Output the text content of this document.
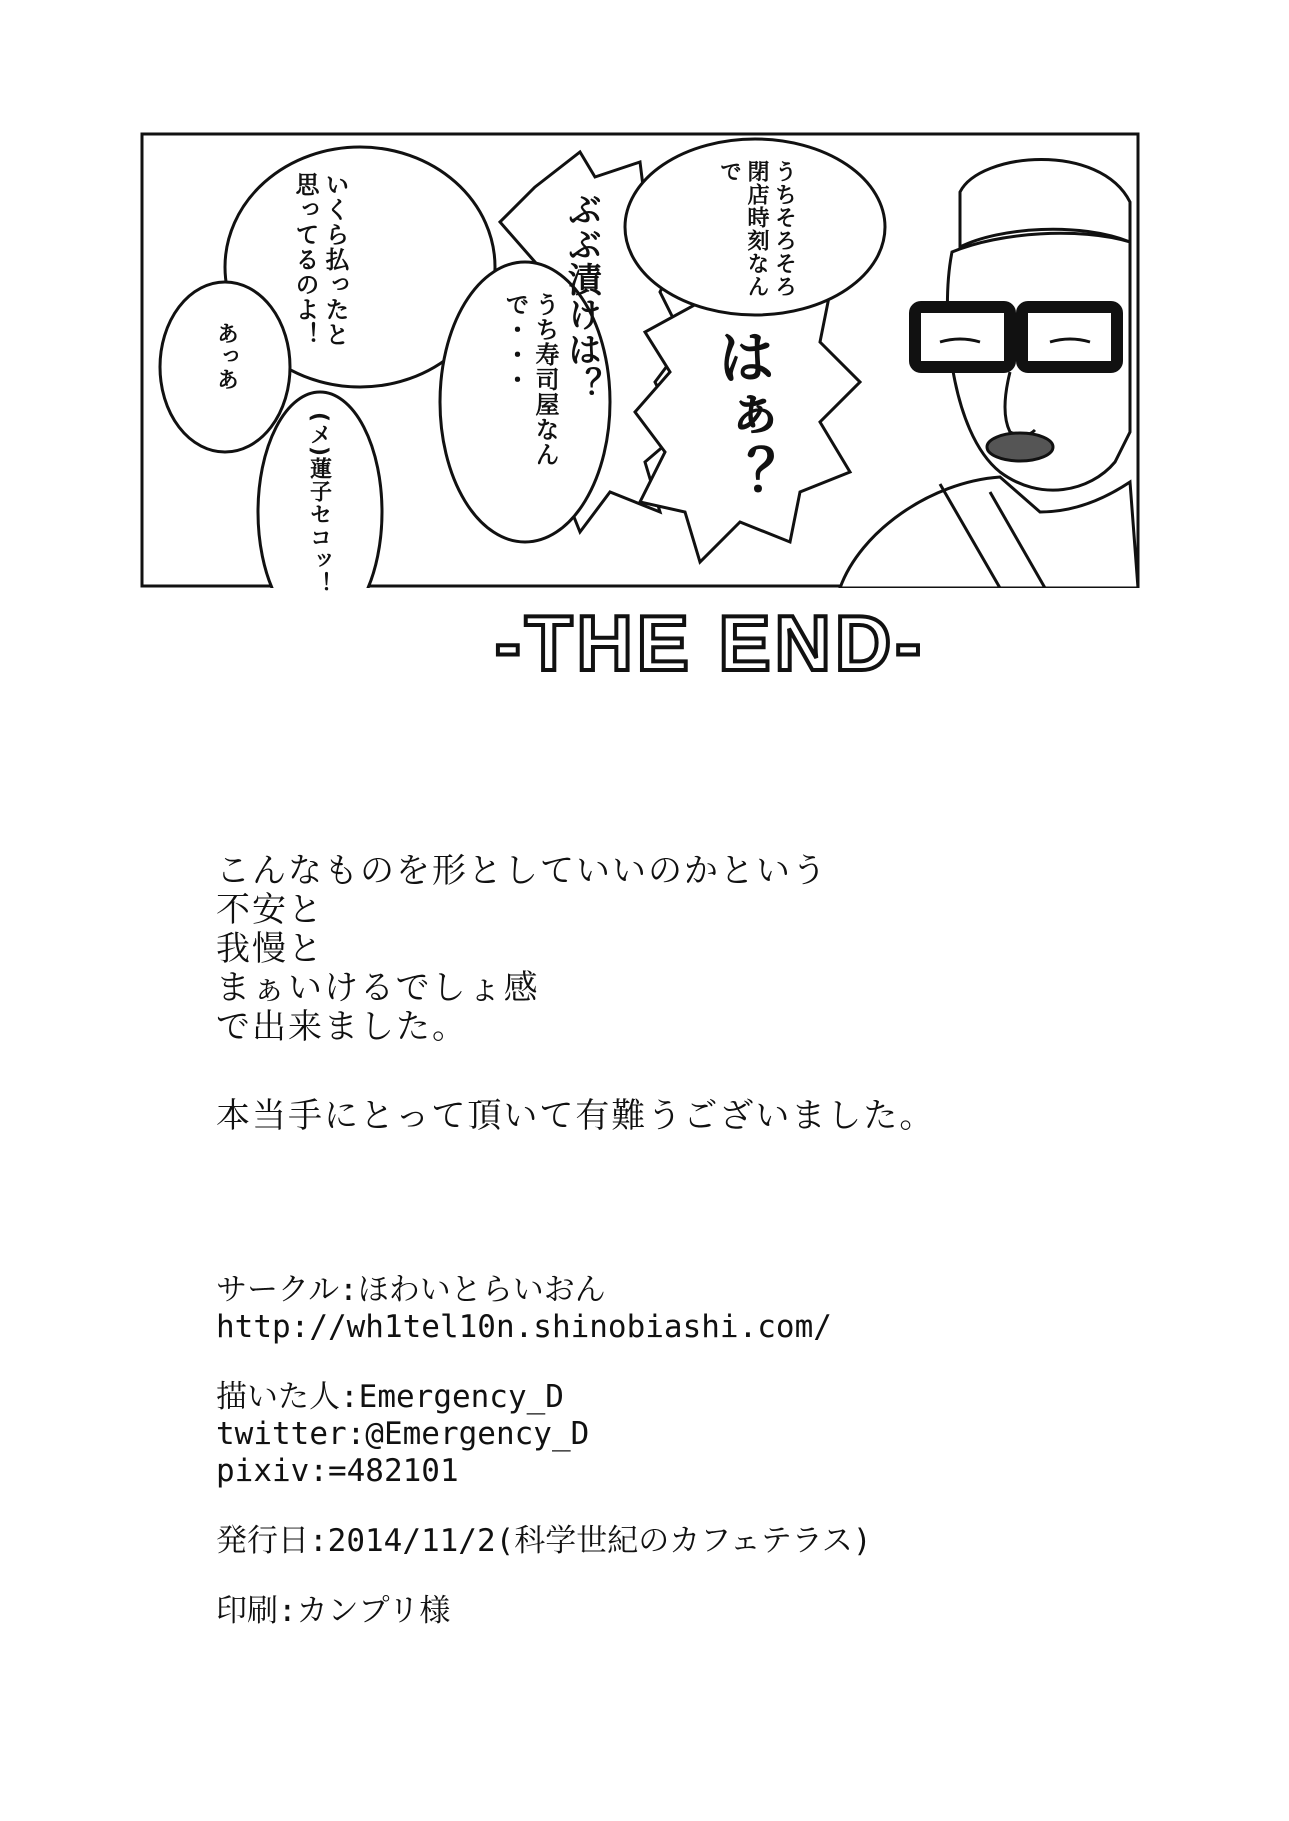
うちそろそろ閉店時刻なんで
ぶぶ漬けは？
はぁ？
いくら払ったと思ってるのよ！
うち寿司屋なんで・・・
あっあ
(メ)蓮子セコッ！
-THE END-
こんなものを形としていいのかという
不安と
我慢と
まぁいけるでしょ感
で出来ました。
本当手にとって頂いて有難うございました。
サークル:ほわいとらいおん
http://wh1tel10n.shinobiashi.com/
描いた人:Emergency_D
twitter:@Emergency_D
pixiv:=482101
発行日:2014/11/2(科学世紀のカフェテラス)
印刷:カンプリ様
